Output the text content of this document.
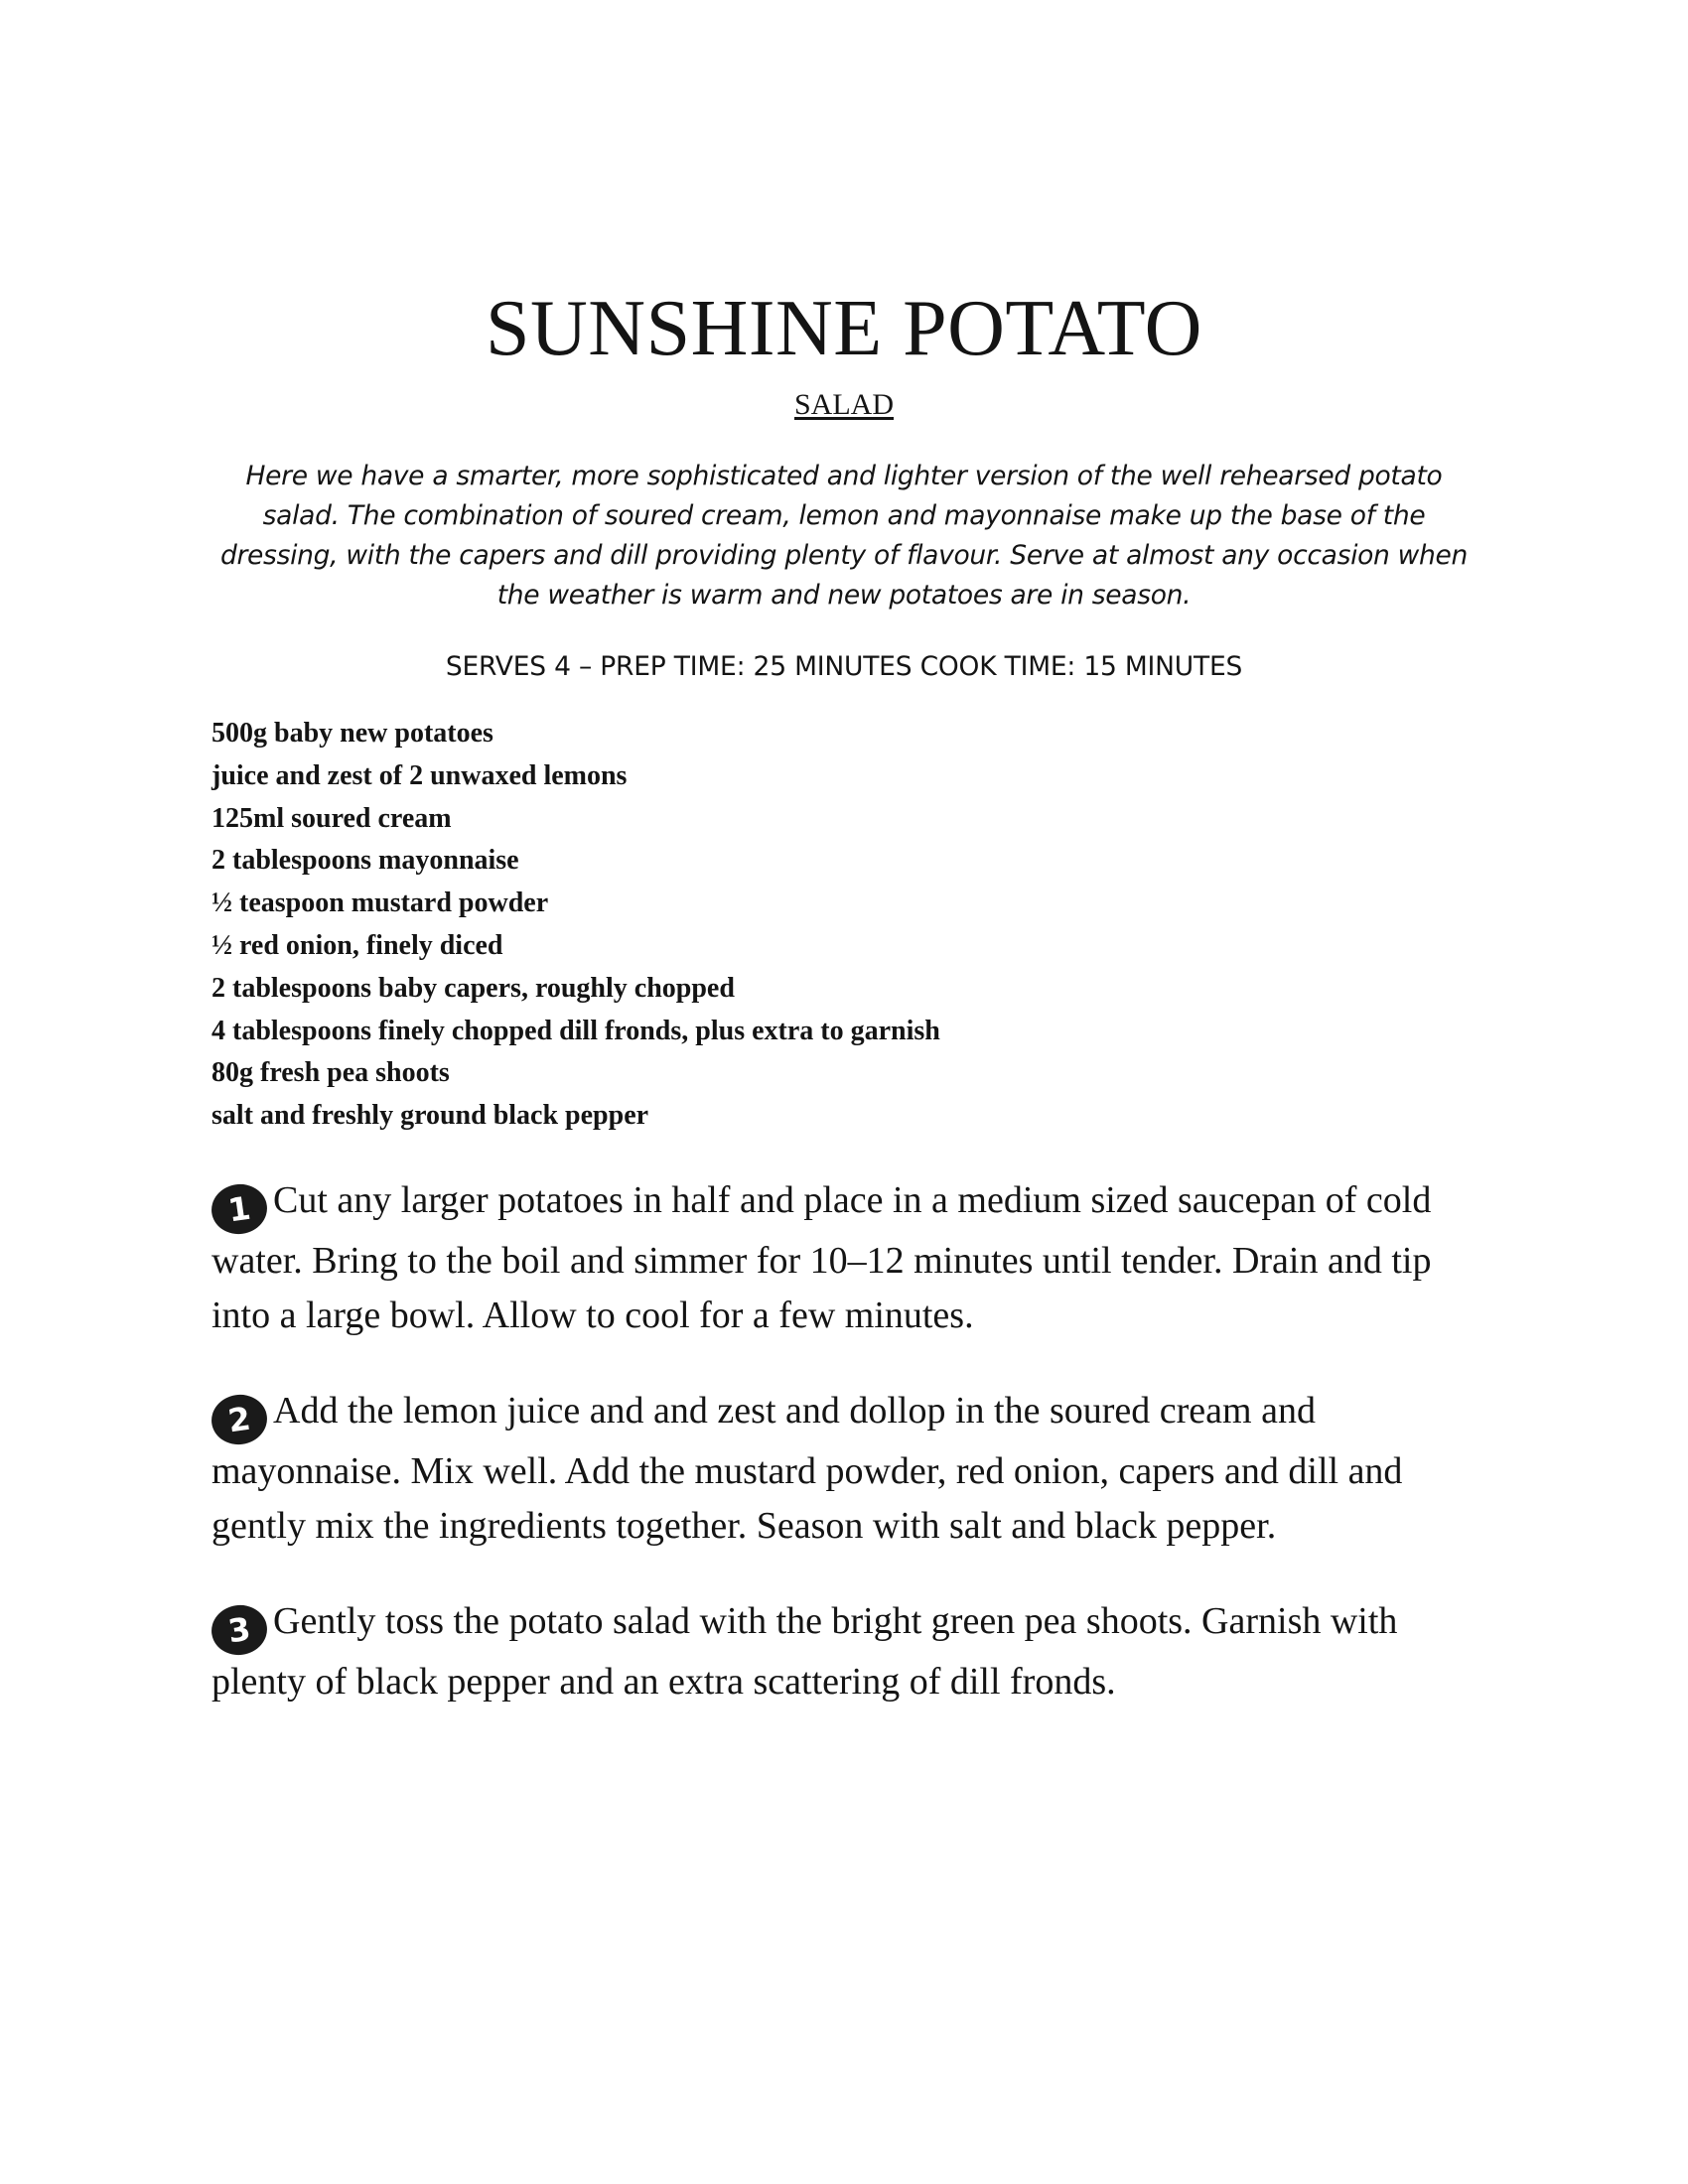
SUNSHINE POTATO
SALAD

Here we have a smarter, more sophisticated and lighter version of the well rehearsed potato salad. The combination of soured cream, lemon and mayonnaise make up the base of the dressing, with the capers and dill providing plenty of flavour. Serve at almost any occasion when the weather is warm and new potatoes are in season.

SERVES 4 – PREP TIME: 25 MINUTES COOK TIME: 15 MINUTES
500g baby new potatoes
juice and zest of 2 unwaxed lemons
125ml soured cream
2 tablespoons mayonnaise
½ teaspoon mustard powder
½ red onion, finely diced
2 tablespoons baby capers, roughly chopped
4 tablespoons finely chopped dill fronds, plus extra to garnish
80g fresh pea shoots
salt and freshly ground black pepper

1 Cut any larger potatoes in half and place in a medium sized saucepan of cold water. Bring to the boil and simmer for 10–12 minutes until tender. Drain and tip into a large bowl. Allow to cool for a few minutes.

2 Add the lemon juice and and zest and dollop in the soured cream and mayonnaise. Mix well. Add the mustard powder, red onion, capers and dill and gently mix the ingredients together. Season with salt and black pepper.

3 Gently toss the potato salad with the bright green pea shoots. Garnish with plenty of black pepper and an extra scattering of dill fronds.
